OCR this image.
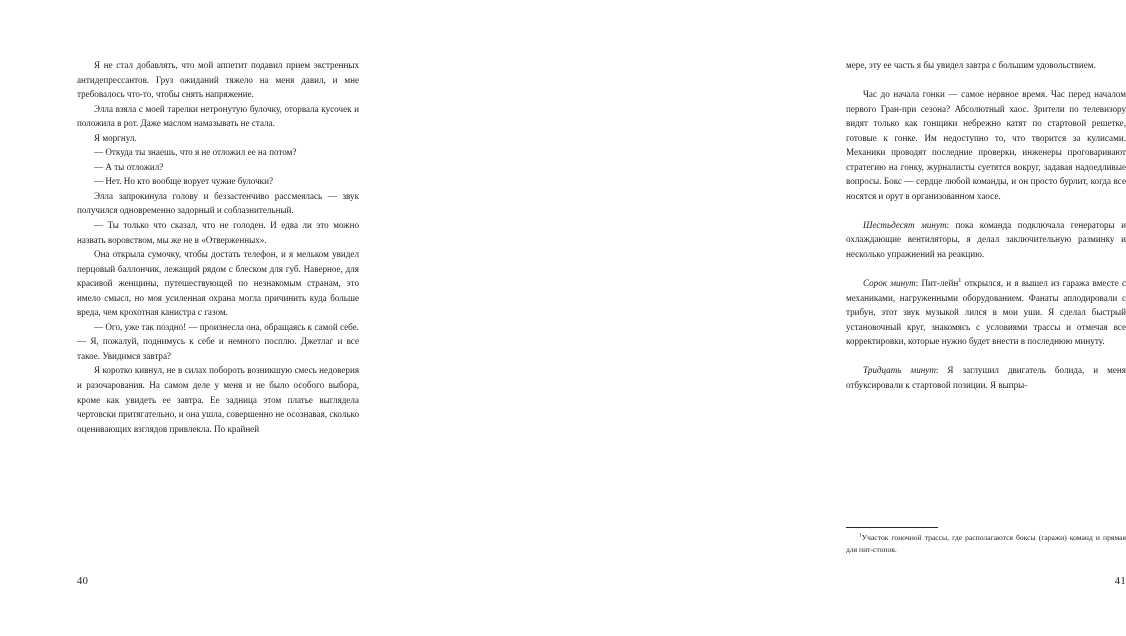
Я не стал добавлять, что мой аппетит подавил прием экстренных антидепрессантов. Груз ожиданий тяжело на меня давил, и мне требовалось что-то, чтобы снять напряжение.

Элла взяла с моей тарелки нетронутую булочку, оторвала кусочек и положила в рот. Даже маслом намазывать не стала.

Я моргнул.

— Откуда ты знаешь, что я не отложил ее на потом?

— А ты отложил?

— Нет. Но кто вообще ворует чужие булочки?

Элла запрокинула голову и беззастенчиво рассмеялась — звук получился одновременно задорный и соблазнительный.

— Ты только что сказал, что не голоден. И едва ли это можно назвать воровством, мы же не в «Отверженных».

Она открыла сумочку, чтобы достать телефон, и я мельком увидел перцовый баллончик, лежащий рядом с блеском для губ. Наверное, для красивой женщины, путешествующей по незнакомым странам, это имело смысл, но моя усиленная охрана могла причинить куда больше вреда, чем крохотная канистра с газом.

— Ого, уже так поздно! — произнесла она, обращаясь к самой себе. — Я, пожалуй, поднимусь к себе и немного посплю. Джетлаг и все такое. Увидимся завтра?

Я коротко кивнул, не в силах побороть возникшую смесь недоверия и разочарования. На самом деле у меня и не было особого выбора, кроме как увидеть ее завтра. Ее задница этом платье выглядела чертовски притягательно, и она ушла, совершенно не осознавая, сколько оценивающих взглядов привлекла. По крайней

40

мере, эту ее часть я бы увидел завтра с большим удовольствием.

Час до начала гонки — самое нервное время. Час перед началом первого Гран-при сезона? Абсолютный хаос. Зрители по телевизору видят только как гонщики небрежно катят по стартовой решетке, готовые к гонке. Им недоступно то, что творится за кулисами. Механики проводят последние проверки, инженеры проговаривают стратегию на гонку, журналисты суетятся вокруг, задавая надоедливые вопросы. Бокс — сердце любой команды, и он просто бурлит, когда все носятся и орут в организованном хаосе.

Шестьдесят минут: пока команда подключала генераторы и охлаждающие вентиляторы, я делал заключительную разминку и несколько упражнений на реакцию.

Сорок минут: Пит-лейн$^1$ открылся, и я вышел из гаража вместе с механиками, нагруженными оборудованием. Фанаты аплодировали с трибун, этот звук музыкой лился в мои уши. Я сделал быстрый установочный круг, знакомясь с условиями трассы и отмечая все корректировки, которые нужно будет внести в последнюю минуту.

Тридцать минут: Я заглушил двигатель болида, и меня отбуксировали к стартовой позиции. Я выпры-

$^1$Участок гоночной трассы, где располагаются боксы (гаражи) команд и прямая для пит-стопов.

41
